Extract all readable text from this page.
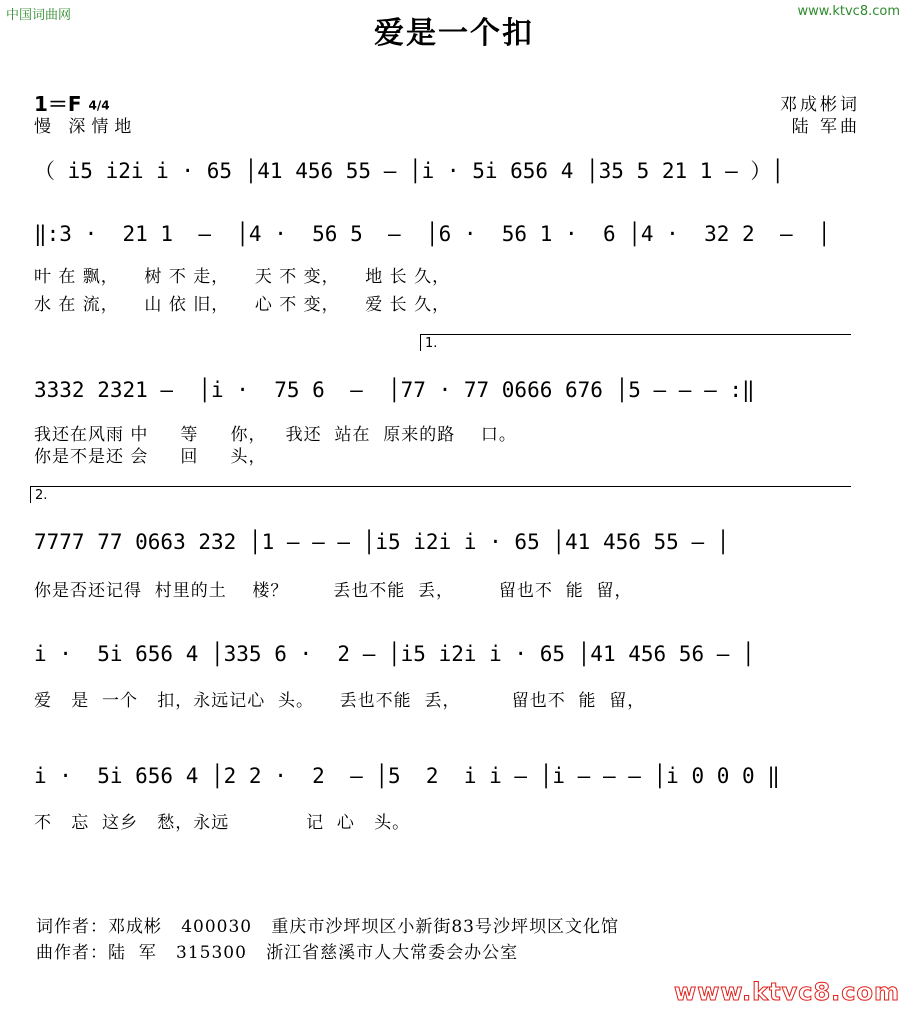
中国词曲网	www.ktvc8.com
爱是一个扣
1＝F 4/4
慢 深情地
邓成彬词
陆 军曲
（ i5 i2i i · 65 │41 456 55 — │i · 5i 656 4 │35 5 21 1 — ）│
‖:3 ·  21 1  —  │4 ·  56 5  —  │6 ·  56 1 ·  6 │4 ·  32 2  —  │
叶 在 飘，    树 不 走，    天 不 变，    地 长 久，
水 在 流，    山 依 旧，    心 不 变，    爱 长 久，
1.
3332 2321 —  │i ·  75 6  —  │77 · 77 0666 676 │5 — — — :‖
我还在风雨 中     等     你，   我还  站在  原来的路    口。
你是不是还 会     回     头，
2.
7777 77 0663 232 │1 — — — │i5 i2i i · 65 │41 456 55 — │
你是否还记得  村里的土    楼？       丢也不能  丢，       留也不  能  留，
i ·  5i 656 4 │335 6 ·  2 — │i5 i2i i · 65 │41 456 56 — │
爱   是  一个   扣，永远记心  头。    丢也不能  丢，        留也不  能  留，
i ·  5i 656 4 │2 2 ·  2  — │5  2  i i — │i — — — │i 0 0 0 ‖
不   忘  这乡   愁，永远            记  心   头。
词作者：邓成彬   400030   重庆市沙坪坝区小新街83号沙坪坝区文化馆
曲作者：陆  军   315300   浙江省慈溪市人大常委会办公室
www.ktvc8.com
